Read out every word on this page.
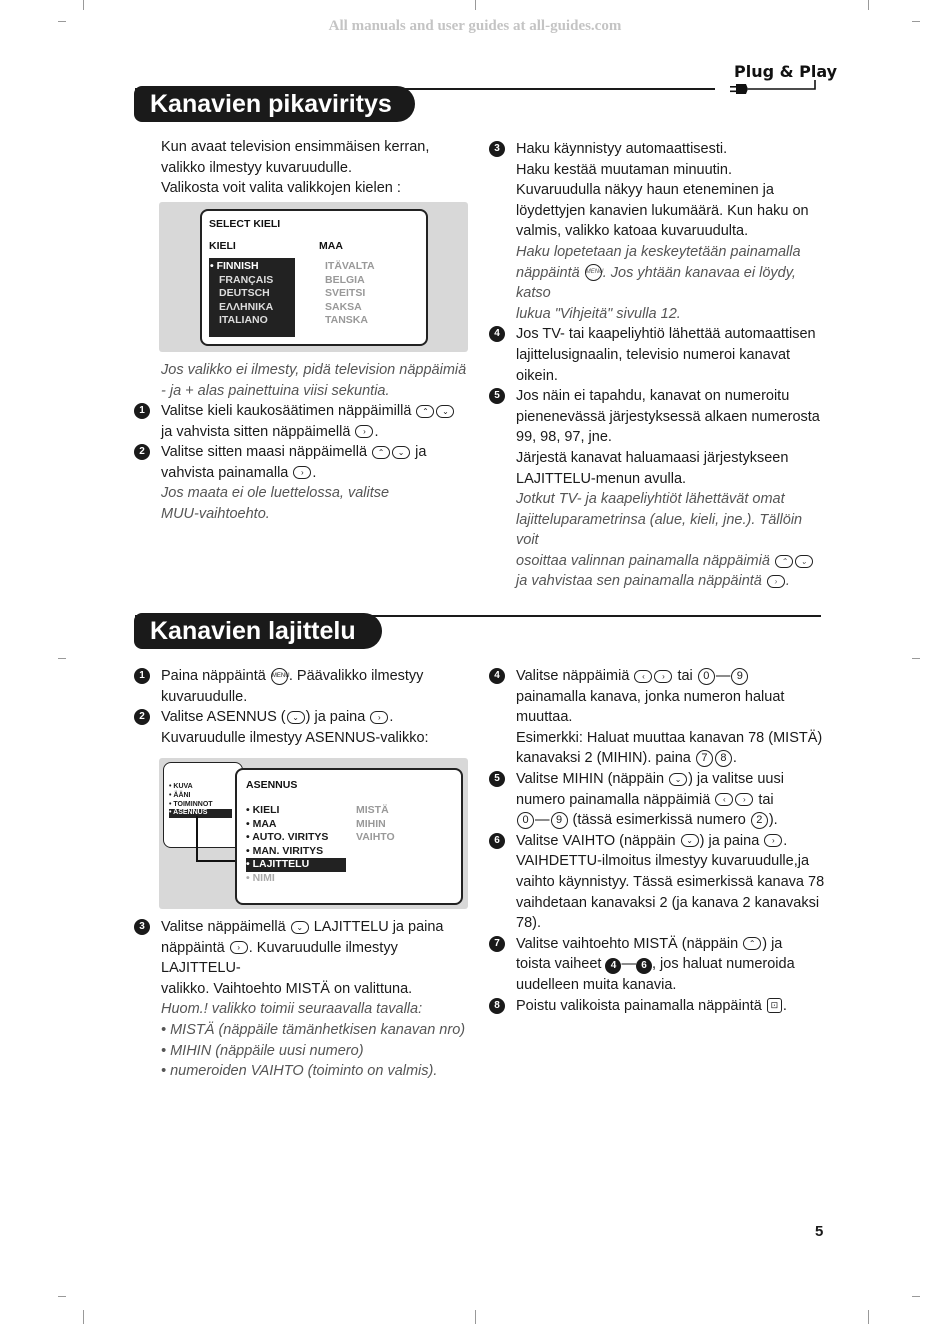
All manuals and user guides at all-guides.com
Plug & Play
Kanavien pikaviritys

Kun avaat television ensimmäisen kerran,

valikko ilmestyy kuvaruudulle.

Valikosta voit valita valikkojen kielen :

SELECT KIELI
KIELI	MAA
• FINNISH
FRANÇAIS
DEUTSCH
ΕΛΛΗΝΙΚΑ
ITALIANO
ITÄVALTA
BELGIA
SVEITSI
SAKSA
TANSKA

Jos valikko ei ilmesty, pidä television näppäimiä

- ja + alas painettuina viisi sekuntia.

1	Valitse kieli kaukosäätimen näppäimillä ⌃ ⌄

ja vahvista sitten näppäimellä › .

2	Valitse sitten maasi näppäimellä ⌃ ⌄ ja

vahvista painamalla › .

Jos maata ei ole luettelossa, valitse

MUU-vaihtoehto.

3	Haku käynnistyy automaattisesti.

Haku kestää muutaman minuutin.

Kuvaruudulla näkyy haun eteneminen ja

löydettyjen kanavien lukumäärä. Kun haku on

valmis, valikko katoaa kuvaruudulta.

Haku lopetetaan ja keskeytetään painamalla

näppäintä MENU. Jos yhtään kanavaa ei löydy, katso

lukua "Vihjeitä" sivulla 12.

4	Jos TV- tai kaapeliyhtiö lähettää automaattisen

lajittelusignaalin, televisio numeroi kanavat oikein.

5	Jos näin ei tapahdu, kanavat on numeroitu

pienenevässä järjestyksessä alkaen numerosta

99, 98, 97, jne.

Järjestä kanavat haluamaasi järjestykseen

LAJITTELU-menun avulla.

Jotkut TV- ja kaapeliyhtiöt lähettävät omat

lajitteluparametrinsa (alue, kieli, jne.). Tällöin voit

osoittaa valinnan painamalla näppäimiä ⌃ ⌄

ja vahvistaa sen painamalla näppäintä › .

Kanavien lajittelu
1	Paina näppäintä MENU. Päävalikko ilmestyy

kuvaruudulle.

2	Valitse ASENNUS ( ⌄ ) ja paina › .

Kuvaruudulle ilmestyy ASENNUS-valikko:

• KUVA
• ÄÄNI
• TOIMINNOT
• ASENNUS
ASENNUS
• KIELI
• MAA
• AUTO. VIRITYS
• MAN. VIRITYS
• LAJITTELU
• NIMI
MISTÄ
MIHIN
VAIHTO
3	Valitse näppäimellä ⌄ LAJITTELU ja paina

näppäintä › . Kuvaruudulle ilmestyy LAJITTELU-

valikko. Vaihtoehto MISTÄ on valittuna.

Huom.! valikko toimii seuraavalla tavalla:

• MISTÄ (näppäile tämänhetkisen kanavan nro)

• MIHIN (näppäile uusi numero)

• numeroiden VAIHTO (toiminto on valmis).

4	Valitse näppäimiä ‹ › tai 0 — 9

painamalla kanava, jonka numeron haluat

muuttaa.

Esimerkki: Haluat muuttaa kanavan 78 (MISTÄ)

kanavaksi 2 (MIHIN). paina 7 8 .

5	Valitse MIHIN (näppäin ⌄ ) ja valitse uusi

numero painamalla näppäimiä ‹ › tai

0 — 9 (tässä esimerkissä numero 2 ).

6	Valitse VAIHTO (näppäin ⌄ ) ja paina › .

VAIHDETTU-ilmoitus ilmestyy kuvaruudulle,ja

vaihto käynnistyy. Tässä esimerkissä kanava 78

vaihdetaan kanavaksi 2 (ja kanava 2 kanavaksi 78).

7	Valitse vaihtoehto MISTÄ (näppäin ⌃ ) ja

toista vaiheet 4 — 6 , jos haluat numeroida

uudelleen muita kanavia.

8	Poistu valikoista painamalla näppäintä ⊡ .

5
